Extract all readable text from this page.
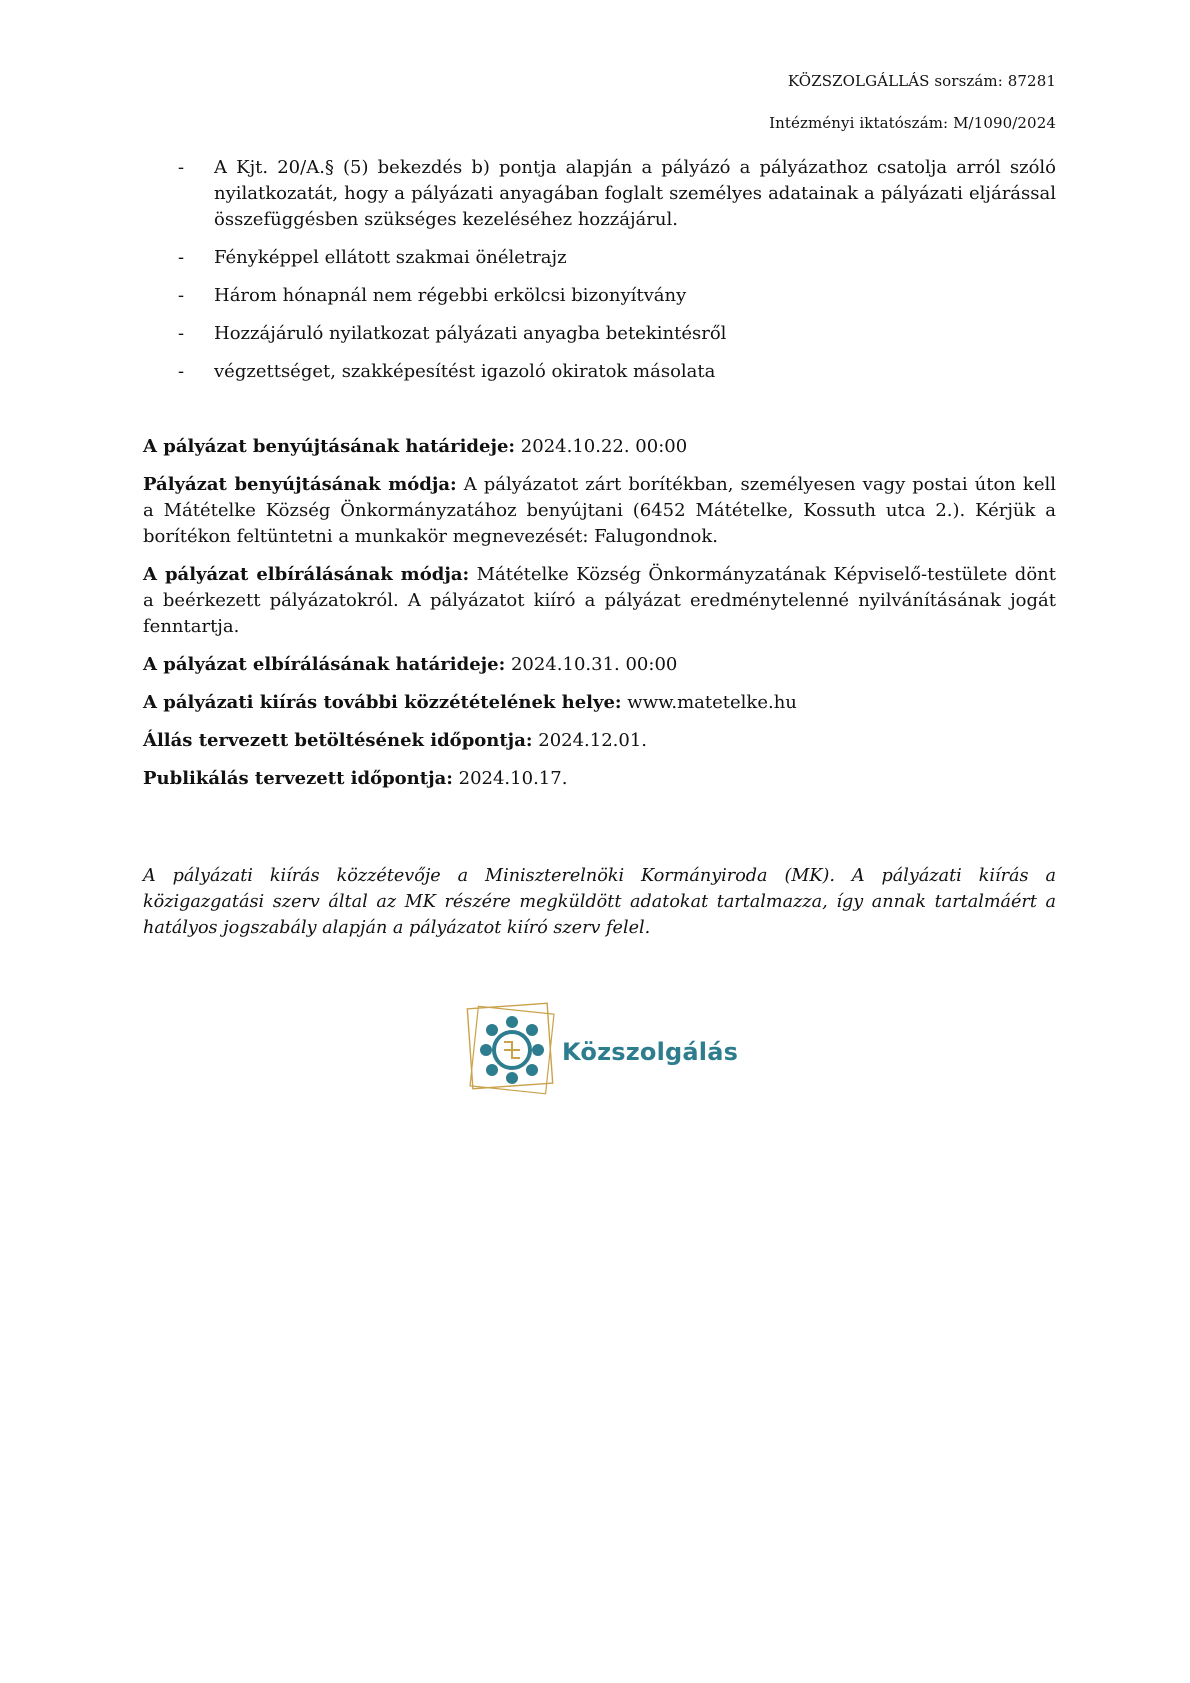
KÖZSZOLGÁLLÁS sorszám: 87281
Intézményi iktatószám: M/1090/2024
- A Kjt. 20/A.§ (5) bekezdés b) pontja alapján a pályázó a pályázathoz csatolja arról szóló nyilatkozatát, hogy a pályázati anyagában foglalt személyes adatainak a pályázati eljárással összefüggésben szükséges kezeléséhez hozzájárul.
- Fényképpel ellátott szakmai önéletrajz
- Három hónapnál nem régebbi erkölcsi bizonyítvány
- Hozzájáruló nyilatkozat pályázati anyagba betekintésről
- végzettséget, szakképesítést igazoló okiratok másolata

A pályázat benyújtásának határideje: 2024.10.22. 00:00

Pályázat benyújtásának módja: A pályázatot zárt borítékban, személyesen vagy postai úton kell a Mátételke Község Önkormányzatához benyújtani (6452 Mátételke, Kossuth utca 2.). Kérjük a borítékon feltüntetni a munkakör megnevezését: Falugondnok.

A pályázat elbírálásának módja: Mátételke Község Önkormányzatának Képviselő-testülete dönt a beérkezett pályázatokról. A pályázatot kiíró a pályázat eredménytelenné nyilvánításának jogát fenntartja.

A pályázat elbírálásának határideje: 2024.10.31. 00:00

A pályázati kiírás további közzétételének helye: www.matetelke.hu

Állás tervezett betöltésének időpontja: 2024.12.01.

Publikálás tervezett időpontja: 2024.10.17.

A pályázati kiírás közzétevője a Miniszterelnöki Kormányiroda (MK). A pályázati kiírás a közigazgatási szerv által az MK részére megküldött adatokat tartalmazza, így annak tartalmáért a hatályos jogszabály alapján a pályázatot kiíró szerv felel.
Közszolgálás
